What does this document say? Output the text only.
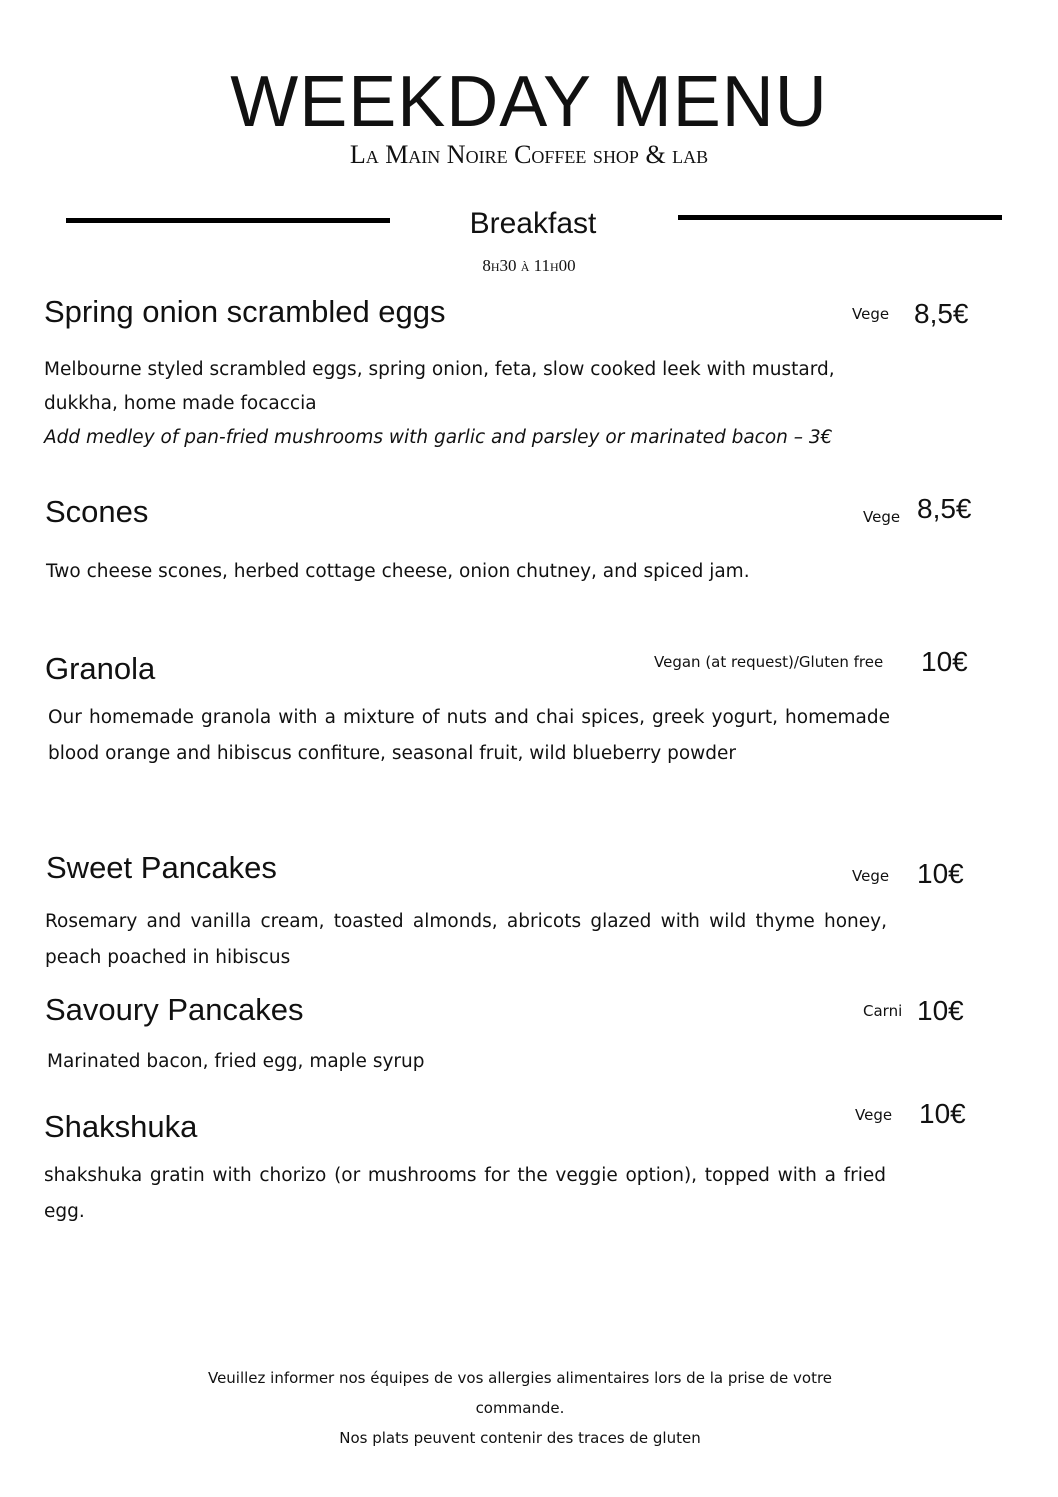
WEEKDAY MENU
La Main Noire Coffee shop & lab
Breakfast
8h30 à 11h00
Spring onion scrambled eggs	Vege 8,5€
Melbourne styled scrambled eggs, spring onion, feta, slow cooked leek with mustard, dukkha, home made focaccia
Add medley of pan-fried mushrooms with garlic and parsley or marinated bacon – 3€
Scones	Vege 8,5€
Two cheese scones, herbed cottage cheese, onion chutney, and spiced jam.
Granola	Vegan (at request)/Gluten free 10€
Our homemade granola with a mixture of nuts and chai spices, greek yogurt, homemade blood orange and hibiscus confiture, seasonal fruit, wild blueberry powder
Sweet Pancakes	Vege 10€
Rosemary and vanilla cream, toasted almonds, abricots glazed with wild thyme honey, peach poached in hibiscus
Savoury Pancakes	Carni 10€
Marinated bacon, fried egg, maple syrup
Shakshuka	Vege 10€
shakshuka gratin with chorizo (or mushrooms for the veggie option), topped with a fried egg.
Veuillez informer nos équipes de vos allergies alimentaires lors de la prise de votre commande.
Nos plats peuvent contenir des traces de gluten
